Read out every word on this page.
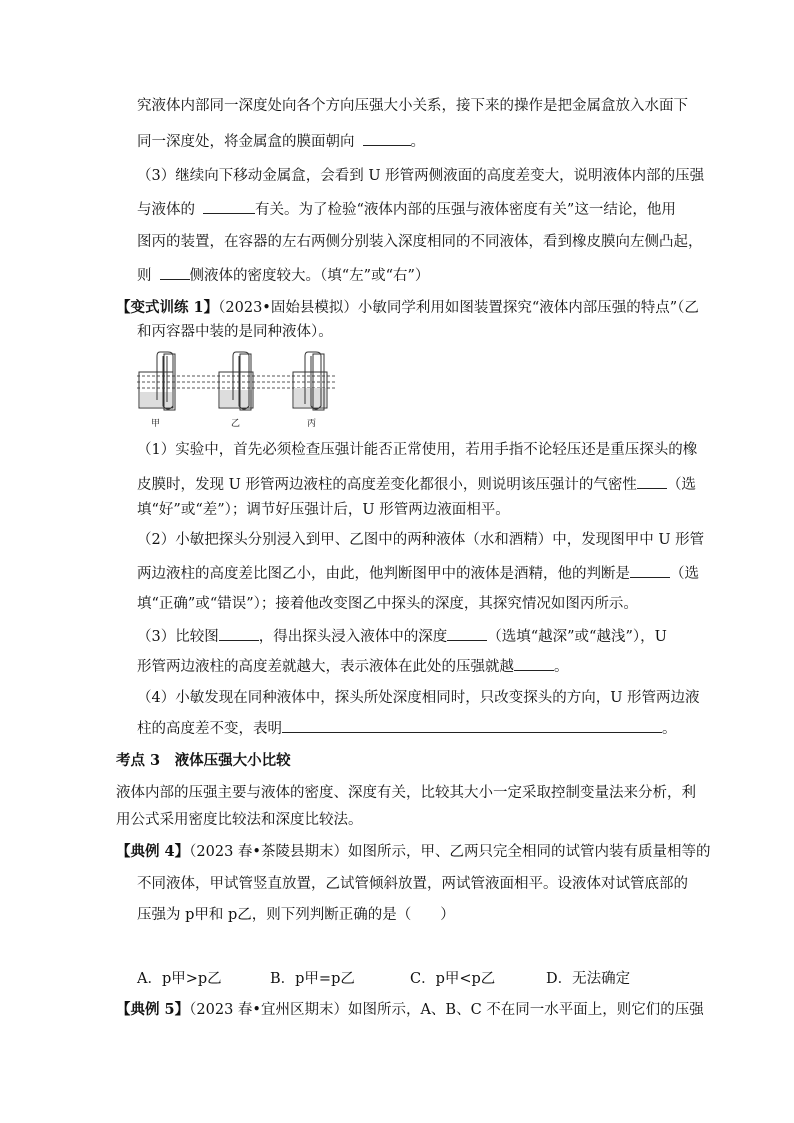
究液体内部同一深度处向各个方向压强大小关系，接下来的操作是把金属盒放入水面下
同一深度处，将金属盒的膜面朝向	。
（3）继续向下移动金属盒，会看到 U 形管两侧液面的高度差变大，说明液体内部的压强
与液体的	有关。为了检验“液体内部的压强与液体密度有关”这一结论，他用
图丙的装置，在容器的左右两侧分别装入深度相同的不同液体，看到橡皮膜向左侧凸起，
则	侧液体的密度较大。（填“左”或“右”）
【变式训练 1】（2023•固始县模拟）小敏同学利用如图装置探究“液体内部压强的特点”（乙
和丙容器中装的是同种液体）。
甲	乙	丙
（1）实验中，首先必须检查压强计能否正常使用，若用手指不论轻压还是重压探头的橡
皮膜时，发现 U 形管两边液柱的高度差变化都很小，则说明该压强计的气密性 （选
填“好”或“差”）；调节好压强计后，U 形管两边液面相平。
（2）小敏把探头分别浸入到甲、乙图中的两种液体（水和酒精）中，发现图甲中 U 形管
两边液柱的高度差比图乙小，由此，他判断图甲中的液体是酒精，他的判断是	（选
填“正确”或“错误”）；接着他改变图乙中探头的深度，其探究情况如图丙所示。
（3）比较图	，得出探头浸入液体中的深度	（选填“越深”或“越浅”），U
形管两边液柱的高度差就越大，表示液体在此处的压强就越	。
（4）小敏发现在同种液体中，探头所处深度相同时，只改变探头的方向，U 形管两边液
柱的高度差不变，表明	。
考点 3　液体压强大小比较
液体内部的压强主要与液体的密度、深度有关，比较其大小一定采取控制变量法来分析，利
用公式采用密度比较法和深度比较法。
【典例 4】（2023 春•茶陵县期末）如图所示，甲、乙两只完全相同的试管内装有质量相等的
不同液体，甲试管竖直放置，乙试管倾斜放置，两试管液面相平。设液体对试管底部的
压强为 p甲和 p乙，则下列判断正确的是（　　）
A．p甲>p乙	B．p甲=p乙	C．p甲<p乙	D．无法确定
【典例 5】（2023 春•宜州区期末）如图所示，A、B、C 不在同一水平面上，则它们的压强
